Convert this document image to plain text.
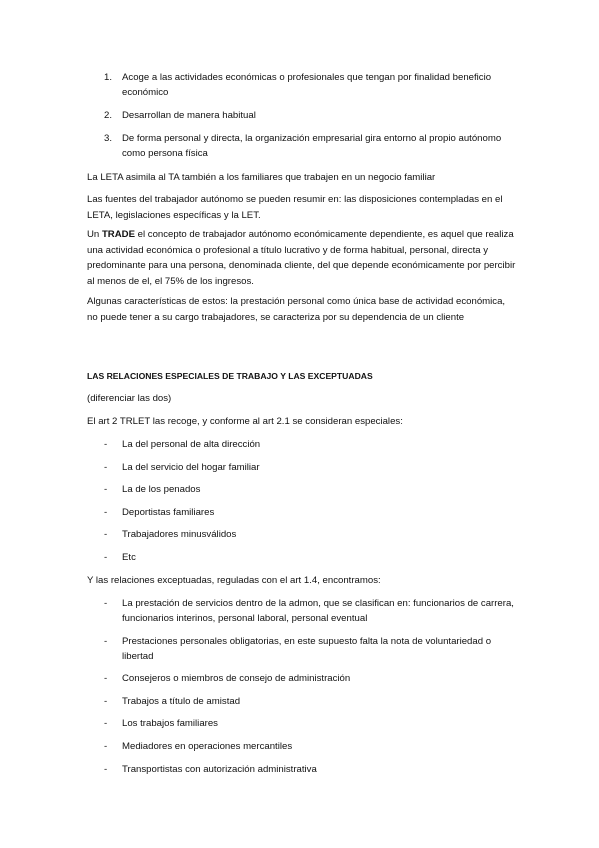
1. Acoge a las actividades económicas o profesionales que tengan por finalidad beneficio económico
2. Desarrollan de manera habitual
3. De forma personal y directa, la organización empresarial gira entorno al propio autónomo como persona física
La LETA asimila al TA también a los familiares que trabajen en un negocio familiar
Las fuentes del trabajador autónomo se pueden resumir en: las disposiciones contempladas en el LETA, legislaciones específicas y la LET.
Un TRADE el concepto de trabajador autónomo económicamente dependiente, es aquel que realiza una actividad económica o profesional a título lucrativo y de forma habitual, personal, directa y predominante para una persona, denominada cliente, del que depende económicamente por percibir al menos de el, el 75% de los ingresos.
Algunas características de estos: la prestación personal como única base de actividad económica, no puede tener a su cargo trabajadores, se caracteriza por su dependencia de un cliente
LAS RELACIONES ESPECIALES DE TRABAJO Y LAS EXCEPTUADAS
(diferenciar las dos)
El art 2 TRLET las recoge, y conforme al art 2.1 se consideran especiales:
- La del personal de alta dirección
- La del servicio del hogar familiar
- La de los penados
- Deportistas familiares
- Trabajadores minusválidos
- Etc
Y las relaciones exceptuadas, reguladas con el art 1.4, encontramos:
- La prestación de servicios dentro de la admon, que se clasifican en: funcionarios de carrera, funcionarios interinos, personal laboral, personal eventual
- Prestaciones personales obligatorias, en este supuesto falta la nota de voluntariedad o libertad
- Consejeros o miembros de consejo de administración
- Trabajos a título de amistad
- Los trabajos familiares
- Mediadores en operaciones mercantiles
- Transportistas con autorización administrativa
